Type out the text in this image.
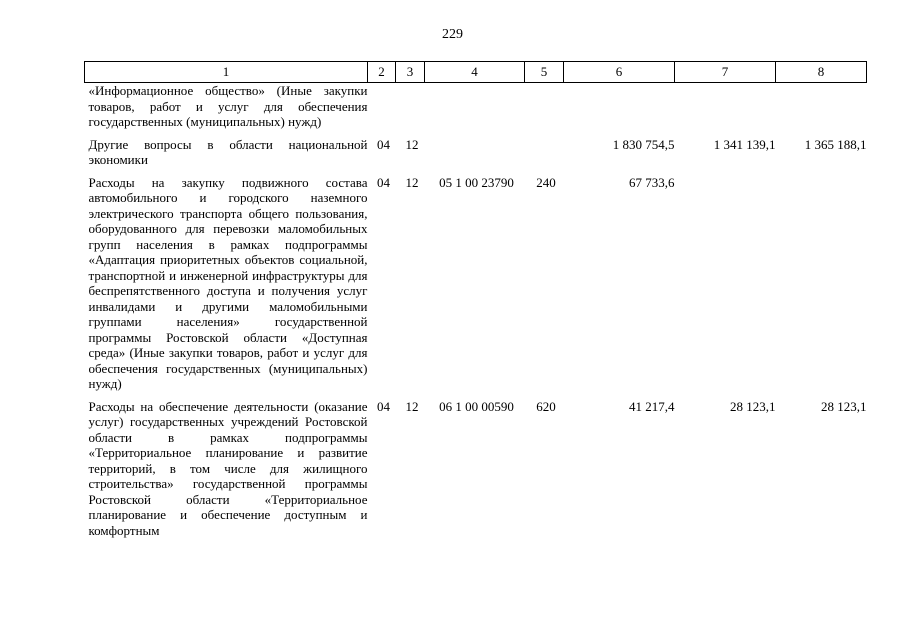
229
1	2	3	4	5	6	7	8
«Информационное общество» (Иные закупки товаров, работ и услуг для обеспечения государственных (муниципальных) нужд)							
Другие вопросы в области национальной экономики	04	12			1 830 754,5	1 341 139,1	1 365 188,1
Расходы на закупку подвижного состава автомобильного и городского наземного электрического транспорта общего пользования, оборудованного для перевозки маломобильных групп населения в рамках подпрограммы «Адаптация приоритетных объектов социальной, транспортной и инженерной инфраструктуры для беспрепятственного доступа и получения услуг инвалидами и другими маломобильными группами населения» государственной программы Ростовской области «Доступная среда» (Иные закупки товаров, работ и услуг для обеспечения государственных (муниципальных) нужд)	04	12	05 1 00 23790	240	67 733,6		
Расходы на обеспечение деятельности (оказание услуг) государственных учреждений Ростовской области в рамках подпрограммы «Территориальное планирование и развитие территорий, в том числе для жилищного строительства» государственной программы Ростовской области «Территориальное планирование и обеспечение доступным и комфортным	04	12	06 1 00 00590	620	41 217,4	28 123,1	28 123,1
